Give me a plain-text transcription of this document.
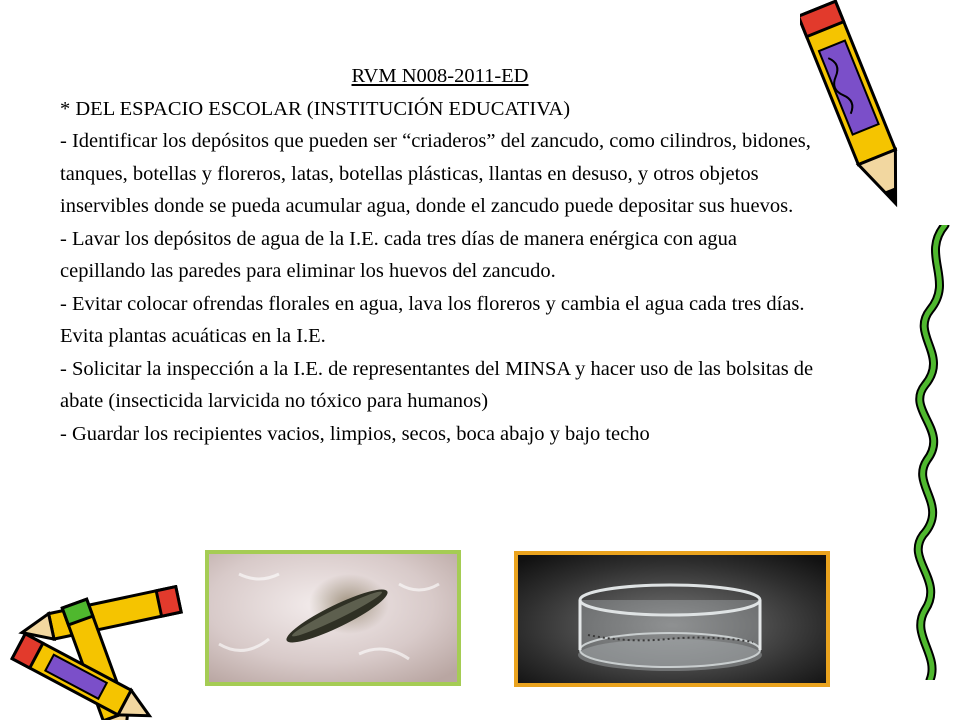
RVM N008-2011-ED
* DEL ESPACIO ESCOLAR (INSTITUCIÓN EDUCATIVA)
- Identificar los depósitos que pueden ser “criaderos” del zancudo, como cilindros, bidones, tanques, botellas y floreros, latas, botellas plásticas, llantas en desuso, y otros objetos inservibles donde se pueda acumular agua, donde el zancudo puede depositar sus huevos.
- Lavar los depósitos de agua de la I.E. cada tres días de manera enérgica con agua cepillando las paredes para eliminar los huevos del zancudo.
- Evitar colocar ofrendas florales en agua, lava los floreros y cambia el agua cada tres días. Evita plantas acuáticas en la I.E.
- Solicitar la inspección a la I.E. de representantes del MINSA y hacer uso de las bolsitas de abate (insecticida larvicida no tóxico para humanos)
- Guardar los recipientes vacios, limpios, secos, boca abajo y bajo techo
